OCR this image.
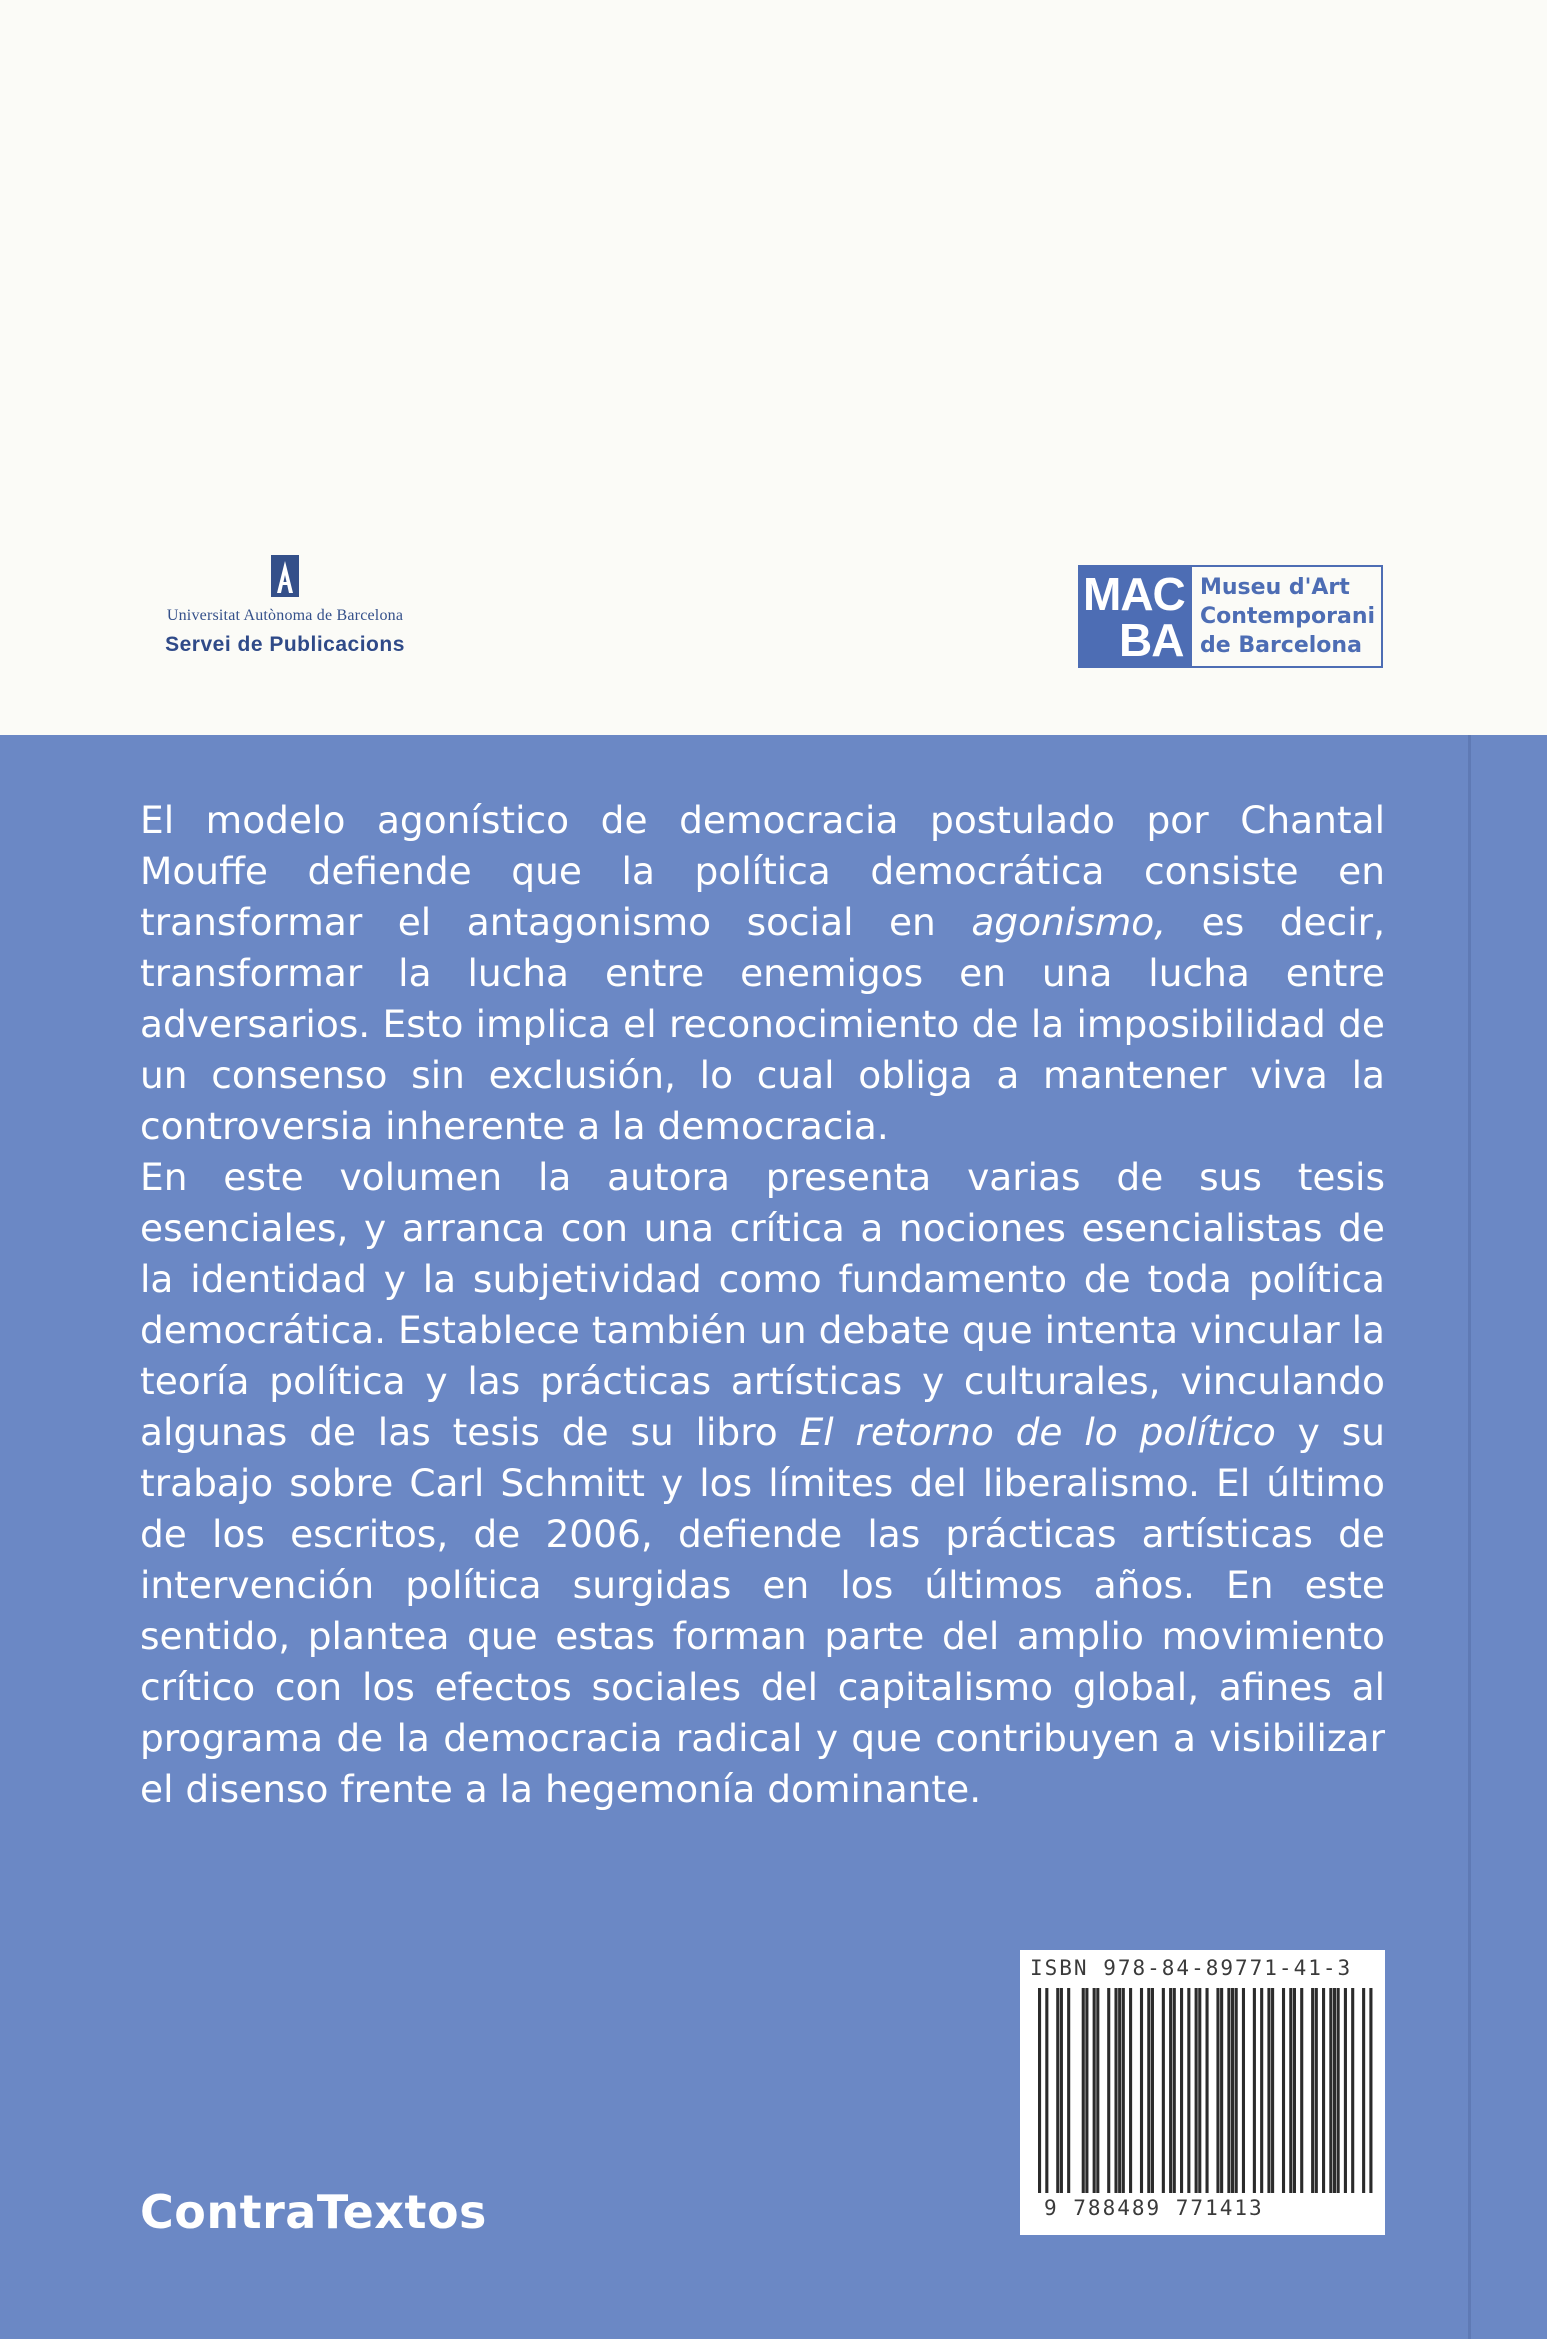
Universitat Autònoma de Barcelona
Servei de Publicacions
MAC
BA
Museu d'Art
Contemporani
de Barcelona

El modelo agonístico de democracia postulado por Chantal Mouffe defiende que la política democrática consiste en transformar el antagonismo social en agonismo, es decir, transformar la lucha entre enemigos en una lucha entre adversarios. Esto implica el reconocimiento de la imposibilidad de un consenso sin exclusión, lo cual obliga a mantener viva la controversia inherente a la democracia.

En este volumen la autora presenta varias de sus tesis esenciales, y arranca con una crítica a nociones esencialistas de la identidad y la subjetividad como fundamento de toda política democrática. Establece también un debate que intenta vincular la teoría política y las prácticas artísticas y culturales, vinculando algunas de las tesis de su libro El retorno de lo político y su trabajo sobre Carl Schmitt y los límites del liberalismo. El último de los escritos, de 2006, defiende las prácticas artísticas de intervención política surgidas en los últimos años. En este sentido, plantea que estas forman parte del amplio movimiento crítico con los efectos sociales del capitalismo global, afines al programa de la democracia radical y que contribuyen a visibilizar el disenso frente a la hegemonía dominante.

ISBN 978-84-89771-41-3
9 788489 771413
ContraTextos
